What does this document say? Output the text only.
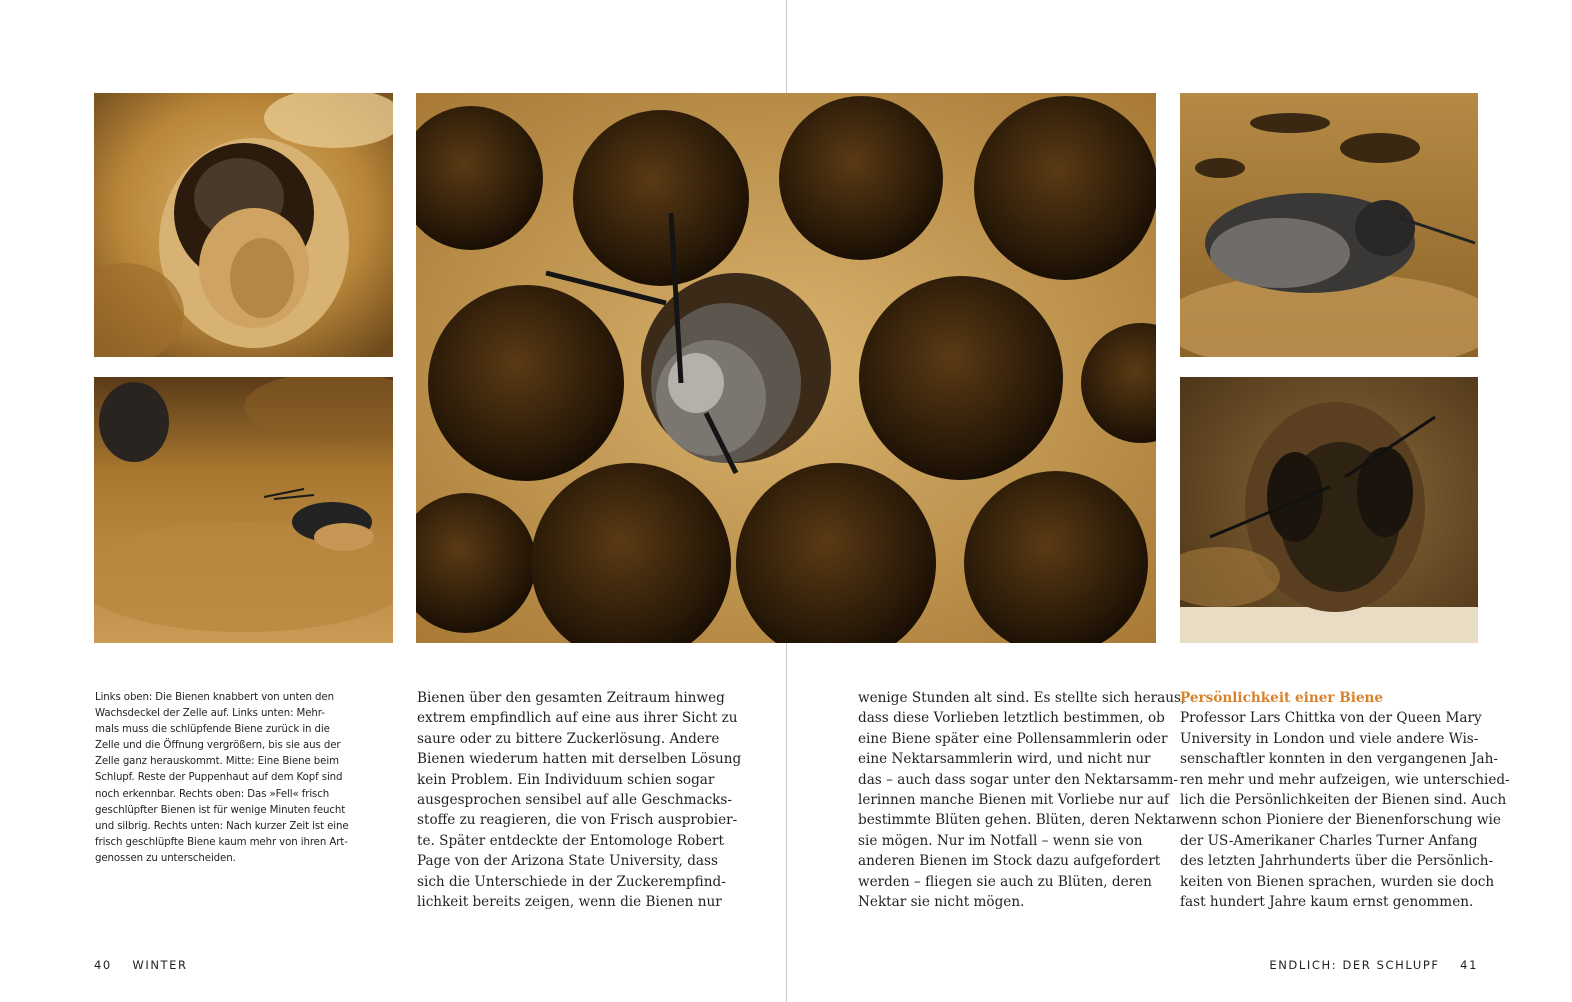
Links oben: Die Bienen knabbert von unten den
Wachsdeckel der Zelle auf. Links unten: Mehr-
mals muss die schlüpfende Biene zurück in die
Zelle und die Öffnung vergrößern, bis sie aus der
Zelle ganz herauskommt. Mitte: Eine Biene beim
Schlupf. Reste der Puppenhaut auf dem Kopf sind
noch erkennbar. Rechts oben: Das »Fell« frisch
geschlüpfter Bienen ist für wenige Minuten feucht
und silbrig. Rechts unten: Nach kurzer Zeit ist eine
frisch geschlüpfte Biene kaum mehr von ihren Art-
genossen zu unterscheiden.
Bienen über den gesamten Zeitraum hinweg
extrem empfindlich auf eine aus ihrer Sicht zu
saure oder zu bittere Zuckerlösung. Andere
Bienen wiederum hatten mit derselben Lösung
kein Problem. Ein Individuum schien sogar
ausgesprochen sensibel auf alle Geschmacks-
stoffe zu reagieren, die von Frisch ausprobier-
te. Später entdeckte der Entomologe Robert
Page von der Arizona State University, dass
sich die Unterschiede in der Zuckerempfind-
lichkeit bereits zeigen, wenn die Bienen nur
wenige Stunden alt sind. Es stellte sich heraus,
dass diese Vorlieben letztlich bestimmen, ob
eine Biene später eine Pollensammlerin oder
eine Nektarsammlerin wird, und nicht nur
das – auch dass sogar unter den Nektarsamm-
lerinnen manche Bienen mit Vorliebe nur auf
bestimmte Blüten gehen. Blüten, deren Nektar
sie mögen. Nur im Notfall – wenn sie von
anderen Bienen im Stock dazu aufgefordert
werden – fliegen sie auch zu Blüten, deren
Nektar sie nicht mögen.
Persönlichkeit einer Biene
Professor Lars Chittka von der Queen Mary
University in London und viele andere Wis-
senschaftler konnten in den vergangenen Jah-
ren mehr und mehr aufzeigen, wie unterschied-
lich die Persönlichkeiten der Bienen sind. Auch
wenn schon Pioniere der Bienenforschung wie
der US-Amerikaner Charles Turner Anfang
des letzten Jahrhunderts über die Persönlich-
keiten von Bienen sprachen, wurden sie doch
fast hundert Jahre kaum ernst genommen.
40 WINTER	ENDLICH: DER SCHLUPF 41
